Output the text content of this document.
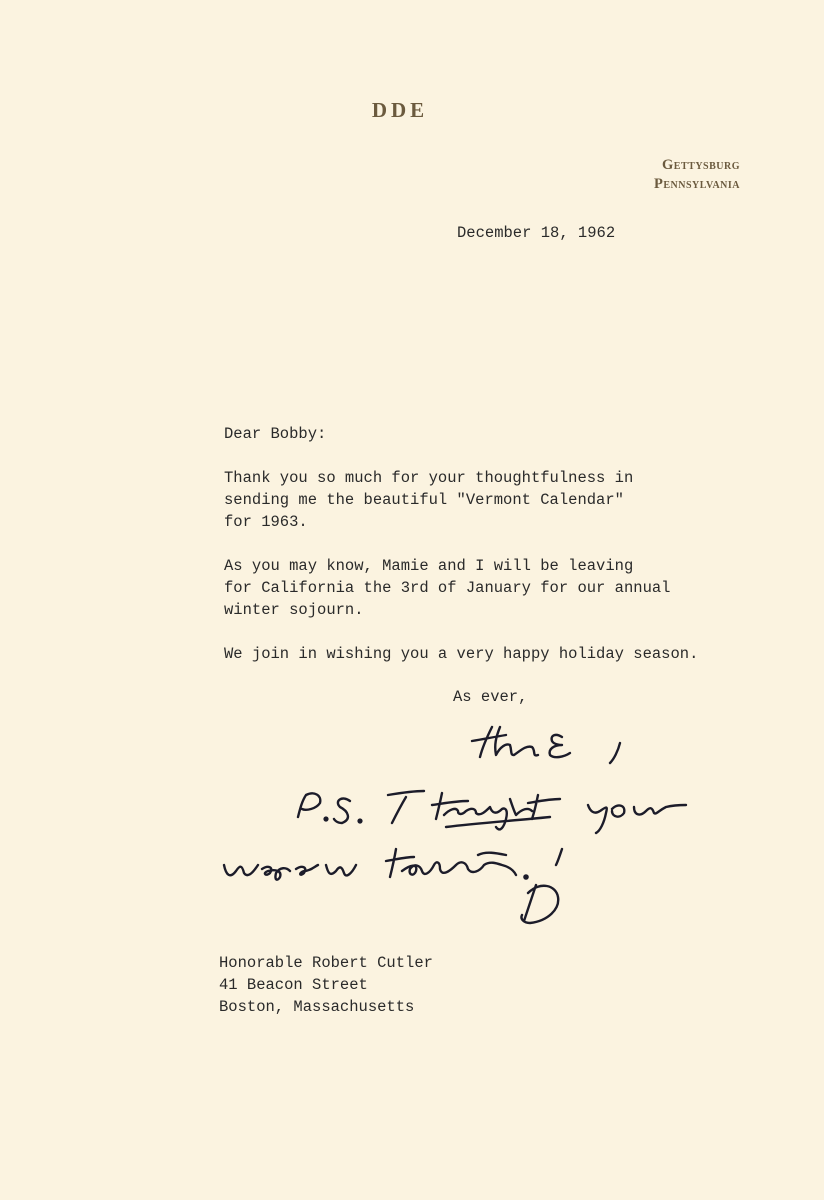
DDE
Gettysburg
Pennsylvania
December 18, 1962
Dear Bobby:
Thank you so much for your thoughtfulness in
sending me the beautiful "Vermont Calendar"
for 1963.
As you may know, Mamie and I will be leaving
for California the 3rd of January for our annual
winter sojourn.
We join in wishing you a very happy holiday season.
As ever,
Honorable Robert Cutler
41 Beacon Street
Boston, Massachusetts
